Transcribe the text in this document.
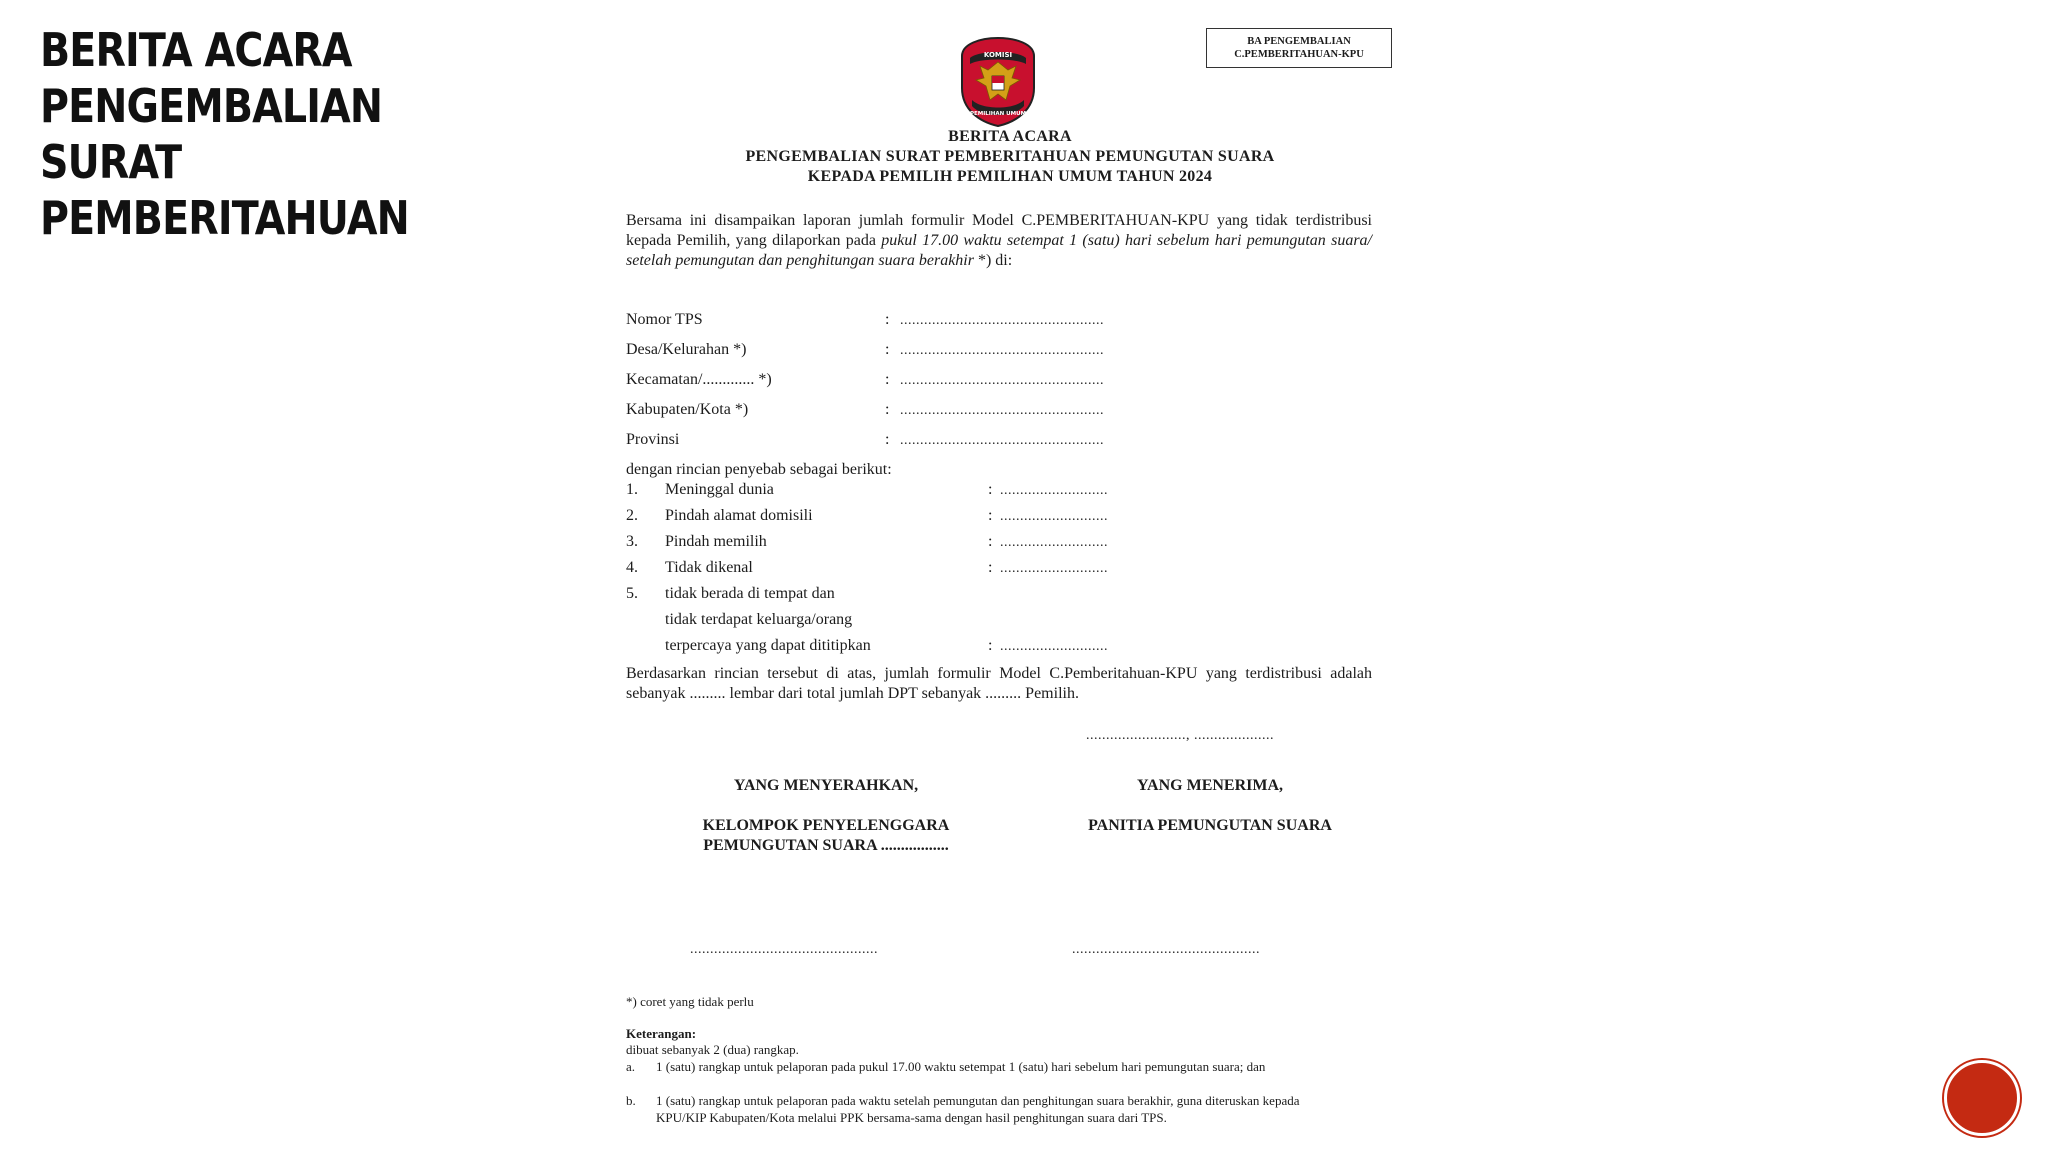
BERITA ACARA
PENGEMBALIAN
SURAT
PEMBERITAHUAN
BA PENGEMBALIAN
C.PEMBERITAHUAN-KPU
KOMISI
PEMILIHAN UMUM
BERITA ACARA
PENGEMBALIAN SURAT PEMBERITAHUAN PEMUNGUTAN SUARA
KEPADA PEMILIH PEMILIHAN UMUM TAHUN 2024
Bersama ini disampaikan laporan jumlah formulir Model C.PEMBERITAHUAN-KPU yang tidak terdistribusi kepada Pemilih, yang dilaporkan pada pukul 17.00 waktu setempat 1 (satu) hari sebelum hari pemungutan suara/ setelah pemungutan dan penghitungan suara berakhir *) di:
Nomor TPS	: ...................................................
Desa/Kelurahan *)	: ...................................................
Kecamatan/............. *)	: ...................................................
Kabupaten/Kota *)	: ...................................................
Provinsi	: ...................................................
dengan rincian penyebab sebagai berikut:
1. Meninggal dunia	: ...........................
2. Pindah alamat domisili	: ...........................
3. Pindah memilih	: ...........................
4. Tidak dikenal	: ...........................
5. tidak berada di tempat dan
tidak terdapat keluarga/orang
terpercaya yang dapat dititipkan	: ...........................
Berdasarkan rincian tersebut di atas, jumlah formulir Model C.Pemberitahuan-KPU yang terdistribusi adalah sebanyak ......... lembar dari total jumlah DPT sebanyak ......... Pemilih.
........................., ....................
YANG MENYERAHKAN,
KELOMPOK PENYELENGGARA
PEMUNGUTAN SUARA .................
...............................................
YANG MENERIMA,
PANITIA PEMUNGUTAN SUARA
...............................................
*) coret yang tidak perlu
Keterangan:
dibuat sebanyak 2 (dua) rangkap.
a. 1 (satu) rangkap untuk pelaporan pada pukul 17.00 waktu setempat 1 (satu) hari sebelum hari pemungutan suara; dan
b. 1 (satu) rangkap untuk pelaporan pada waktu setelah pemungutan dan penghitungan suara berakhir, guna diteruskan kepada KPU/KIP Kabupaten/Kota melalui PPK bersama-sama dengan hasil penghitungan suara dari TPS.
